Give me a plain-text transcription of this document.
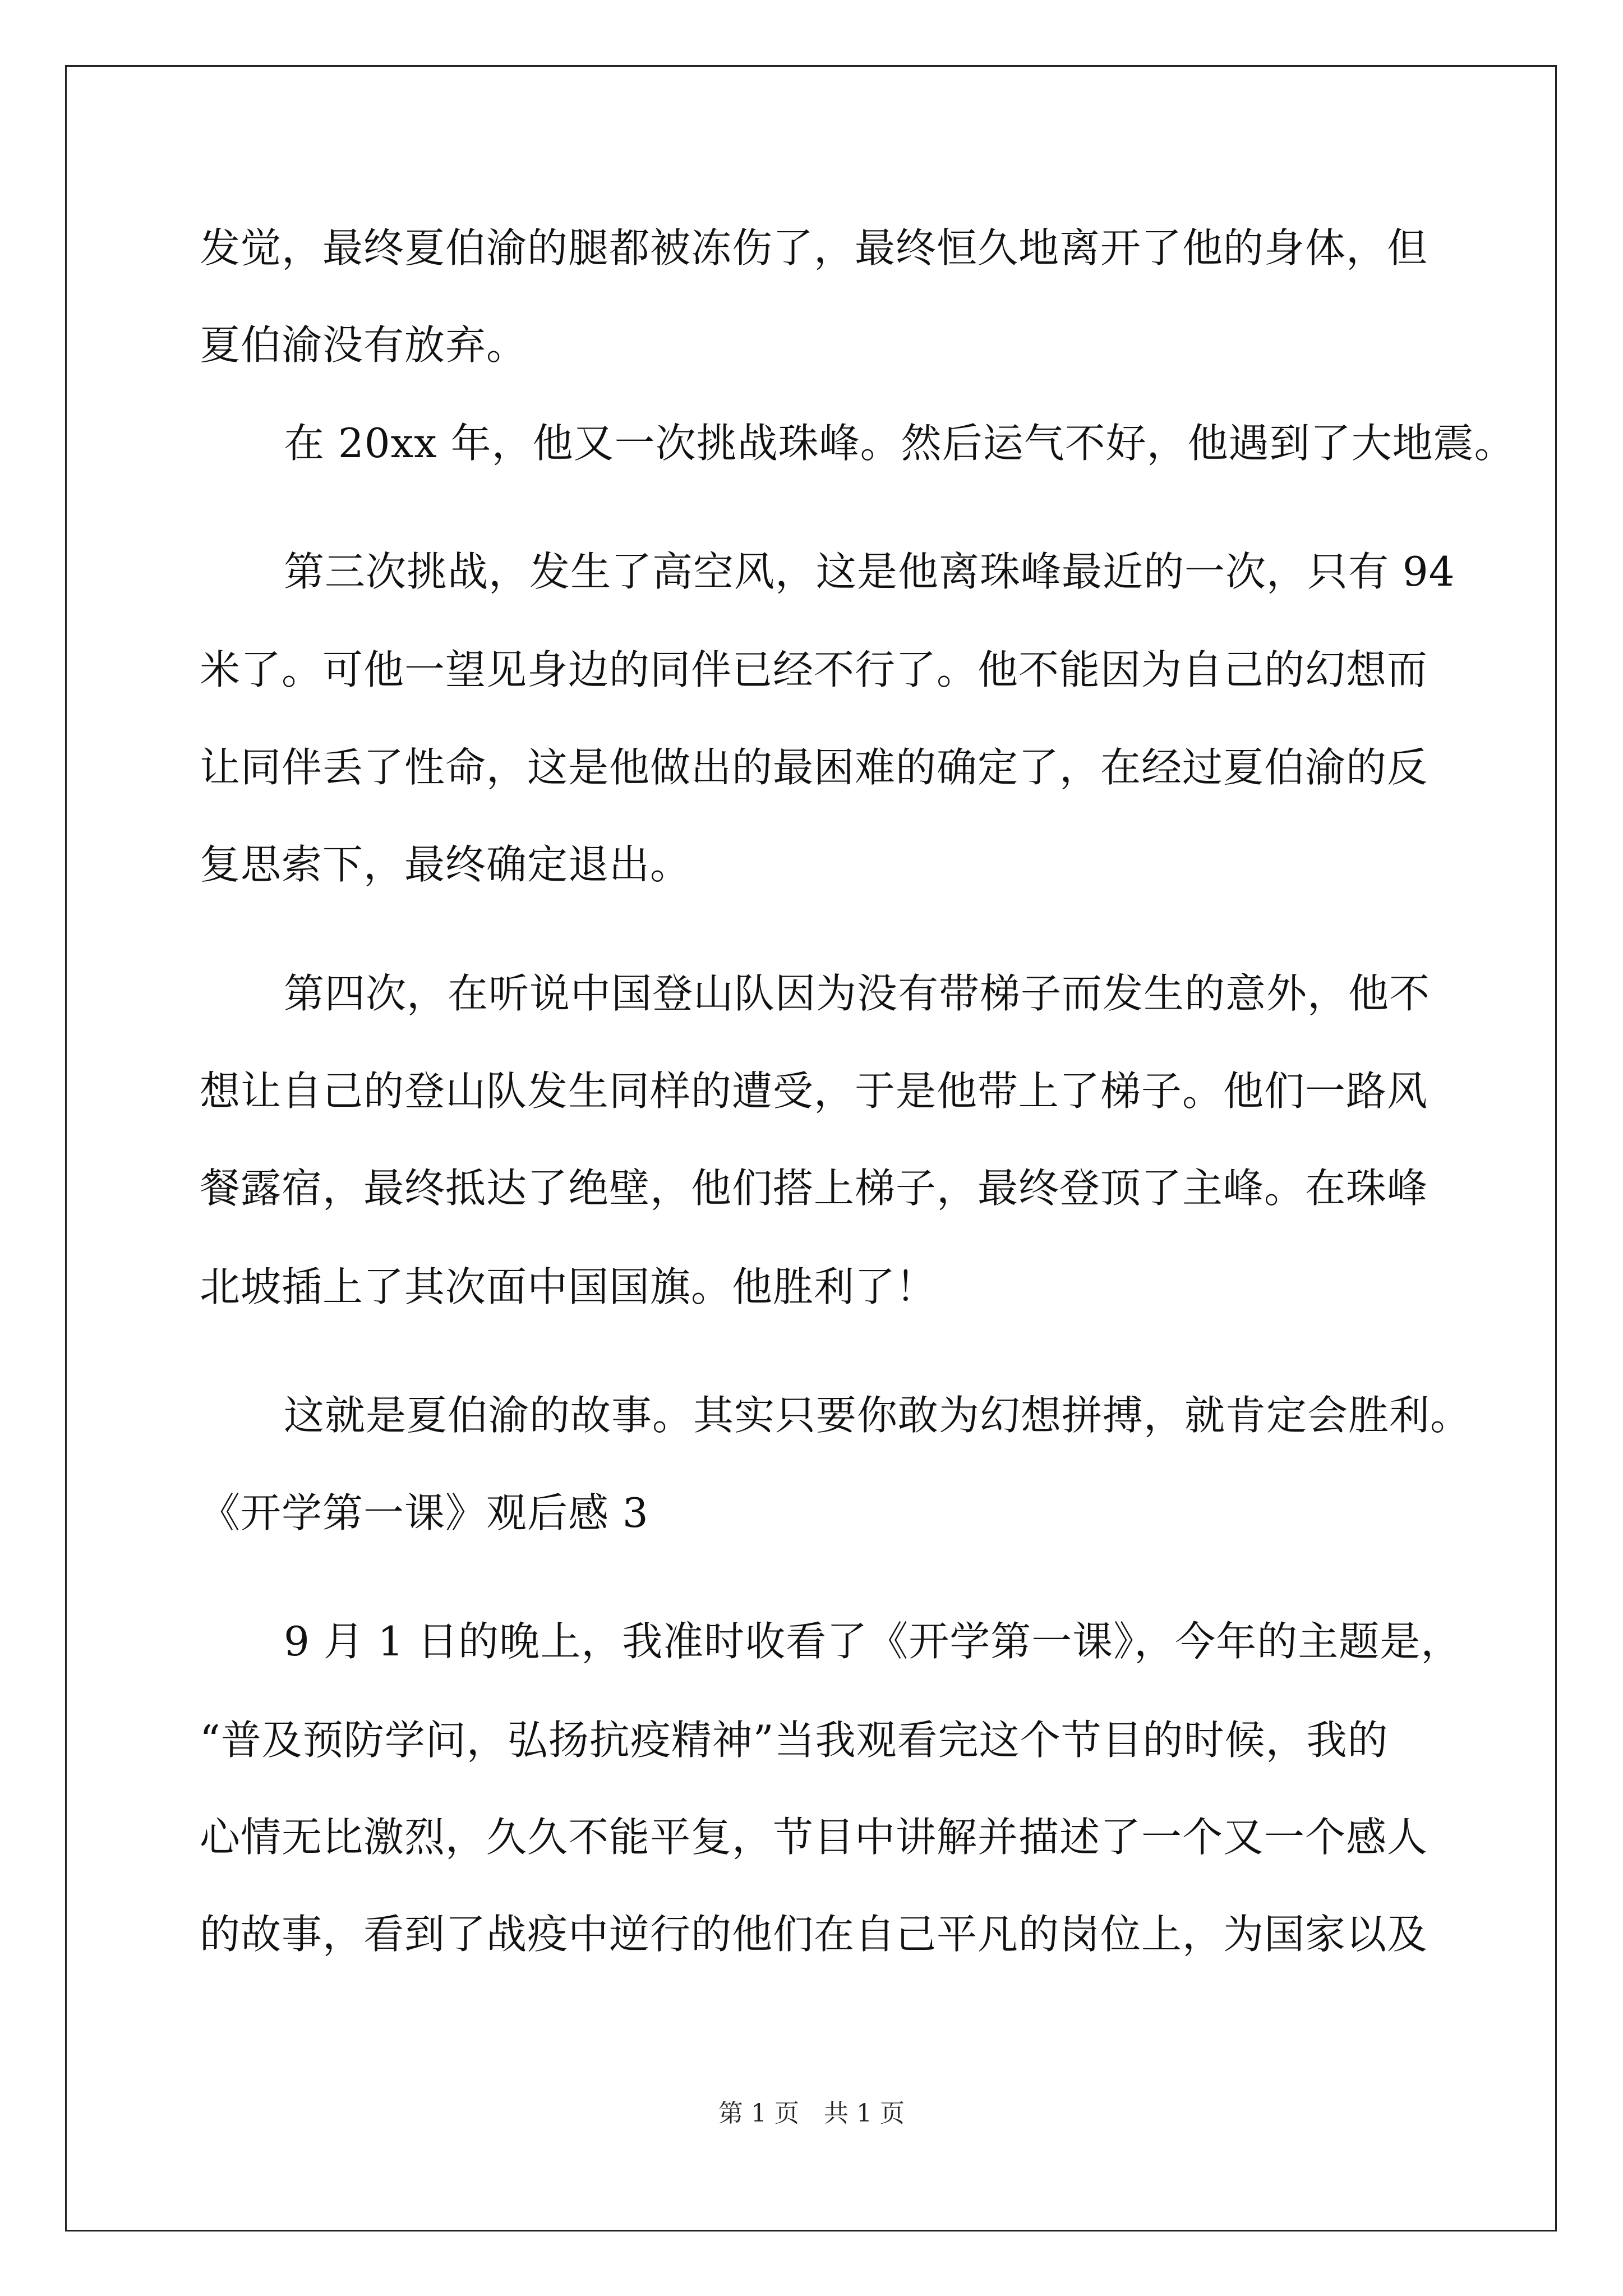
发觉，最终夏伯渝的腿都被冻伤了，最终恒久地离开了他的身体，但
夏伯渝没有放弃。
在 20xx 年，他又一次挑战珠峰。然后运气不好，他遇到了大地震。
第三次挑战，发生了高空风，这是他离珠峰最近的一次，只有 94
米了。可他一望见身边的同伴已经不行了。他不能因为自己的幻想而
让同伴丢了性命，这是他做出的最困难的确定了，在经过夏伯渝的反
复思索下，最终确定退出。
第四次，在听说中国登山队因为没有带梯子而发生的意外，他不
想让自己的登山队发生同样的遭受，于是他带上了梯子。他们一路风
餐露宿，最终抵达了绝壁，他们搭上梯子，最终登顶了主峰。在珠峰
北坡插上了其次面中国国旗。他胜利了！
这就是夏伯渝的故事。其实只要你敢为幻想拼搏，就肯定会胜利。
《开学第一课》观后感 3
9 月 1 日的晚上，我准时收看了《开学第一课》，今年的主题是，
“普及预防学问，弘扬抗疫精神”当我观看完这个节目的时候，我的
心情无比激烈，久久不能平复，节目中讲解并描述了一个又一个感人
的故事，看到了战疫中逆行的他们在自己平凡的岗位上，为国家以及
第 1 页　共 1 页
